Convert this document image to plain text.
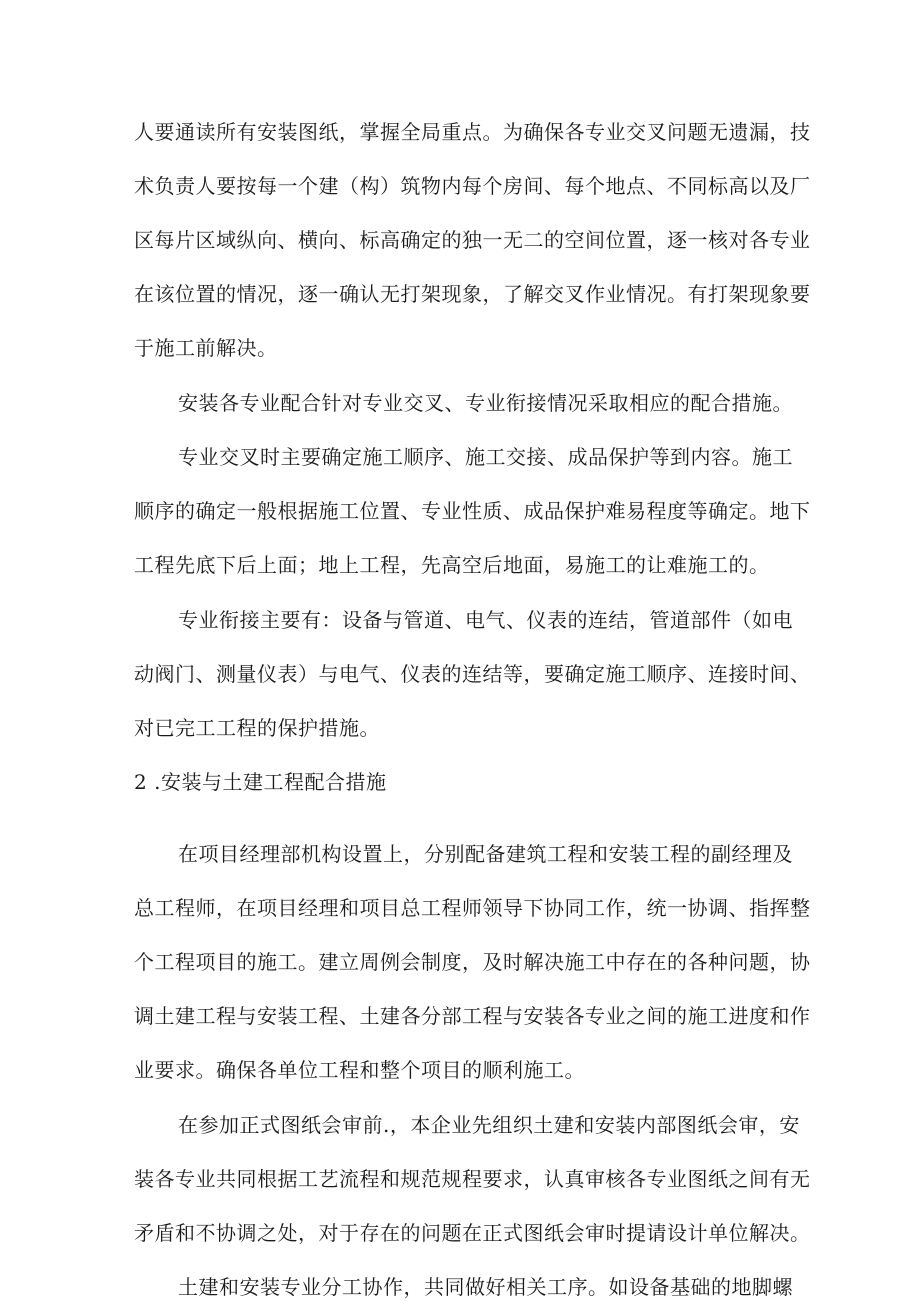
人要通读所有安装图纸，掌握全局重点。为确保各专业交叉问题无遗漏，技
术负责人要按每一个建（构）筑物内每个房间、每个地点、不同标高以及厂
区每片区域纵向、横向、标高确定的独一无二的空间位置，逐一核对各专业
在该位置的情况，逐一确认无打架现象，了解交叉作业情况。有打架现象要
于施工前解决。
安装各专业配合针对专业交叉、专业衔接情况采取相应的配合措施。
专业交叉时主要确定施工顺序、施工交接、成品保护等到内容。施工
顺序的确定一般根据施工位置、专业性质、成品保护难易程度等确定。地下
工程先底下后上面；地上工程，先高空后地面，易施工的让难施工的。
专业衔接主要有：设备与管道、电气、仪表的连结，管道部件（如电
动阀门、测量仪表）与电气、仪表的连结等，要确定施工顺序、连接时间、
对已完工工程的保护措施。
2 .安装与土建工程配合措施
在项目经理部机构设置上，分别配备建筑工程和安装工程的副经理及
总工程师，在项目经理和项目总工程师领导下协同工作，统一协调、指挥整
个工程项目的施工。建立周例会制度，及时解决施工中存在的各种问题，协
调土建工程与安装工程、土建各分部工程与安装各专业之间的施工进度和作
业要求。确保各单位工程和整个项目的顺利施工。
在参加正式图纸会审前.，本企业先组织土建和安装内部图纸会审，安
装各专业共同根据工艺流程和规范规程要求，认真审核各专业图纸之间有无
矛盾和不协调之处，对于存在的问题在正式图纸会审时提请设计单位解决。
土建和安装专业分工协作，共同做好相关工序。如设备基础的地脚螺
